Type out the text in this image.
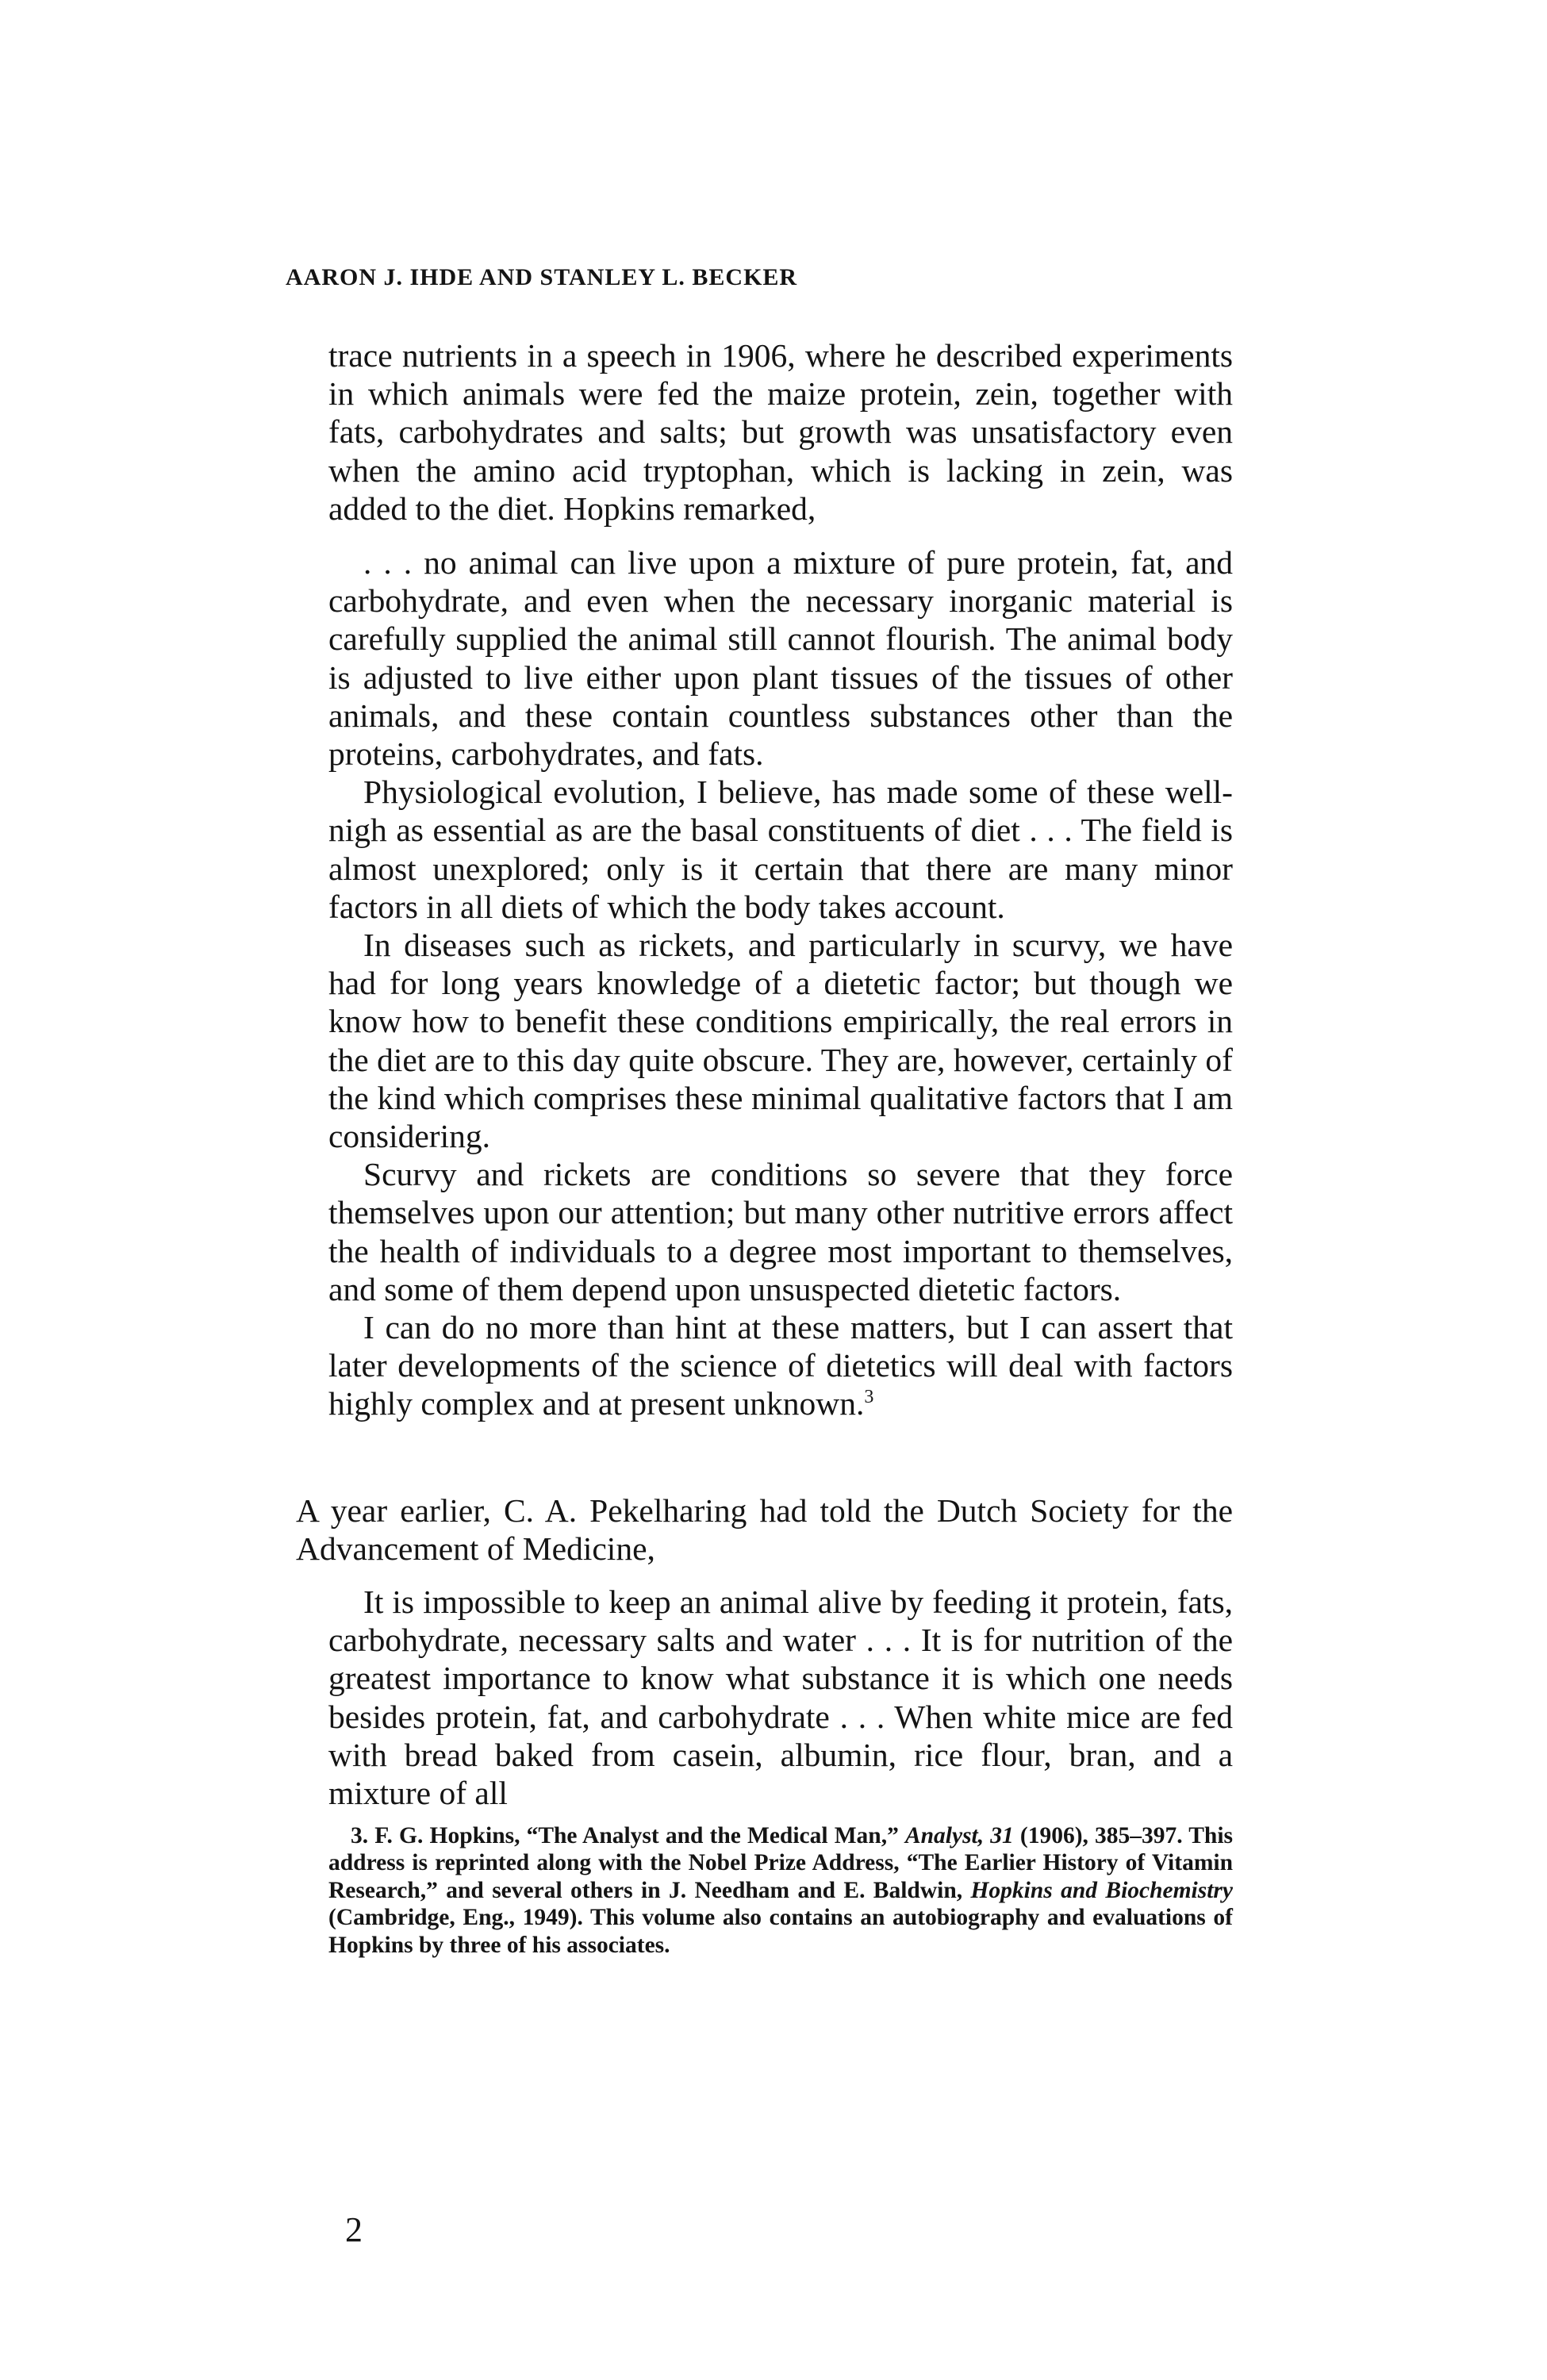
AARON J. IHDE AND STANLEY L. BECKER

trace nutrients in a speech in 1906, where he described experiments in which animals were fed the maize protein, zein, together with fats, carbohydrates and salts; but growth was unsatisfactory even when the amino acid tryptophan, which is lacking in zein, was added to the diet. Hopkins remarked,

. . . no animal can live upon a mixture of pure protein, fat, and carbohydrate, and even when the necessary inorganic material is carefully supplied the animal still cannot flourish. The animal body is adjusted to live either upon plant tissues of the tissues of other animals, and these contain countless substances other than the proteins, carbohydrates, and fats.

Physiological evolution, I believe, has made some of these well-nigh as essential as are the basal constituents of diet . . . The field is almost unexplored; only is it certain that there are many minor factors in all diets of which the body takes account.

In diseases such as rickets, and particularly in scurvy, we have had for long years knowledge of a dietetic factor; but though we know how to benefit these conditions empirically, the real errors in the diet are to this day quite obscure. They are, however, certainly of the kind which comprises these minimal qualitative factors that I am considering.

Scurvy and rickets are conditions so severe that they force themselves upon our attention; but many other nutritive errors affect the health of individuals to a degree most important to themselves, and some of them depend upon unsuspected dietetic factors.

I can do no more than hint at these matters, but I can assert that later developments of the science of dietetics will deal with factors highly complex and at present unknown.$^3$

A year earlier, C. A. Pekelharing had told the Dutch Society for the Advancement of Medicine,

It is impossible to keep an animal alive by feeding it protein, fats, carbohydrate, necessary salts and water . . . It is for nutrition of the greatest importance to know what substance it is which one needs besides protein, fat, and carbohydrate . . . When white mice are fed with bread baked from casein, albumin, rice flour, bran, and a mixture of all

3. F. G. Hopkins, “The Analyst and the Medical Man,” Analyst, 31 (1906), 385–397. This address is reprinted along with the Nobel Prize Address, “The Earlier History of Vitamin Research,” and several others in J. Needham and E. Baldwin, Hopkins and Biochemistry (Cambridge, Eng., 1949). This volume also contains an autobiography and evaluations of Hopkins by three of his associates.

2
